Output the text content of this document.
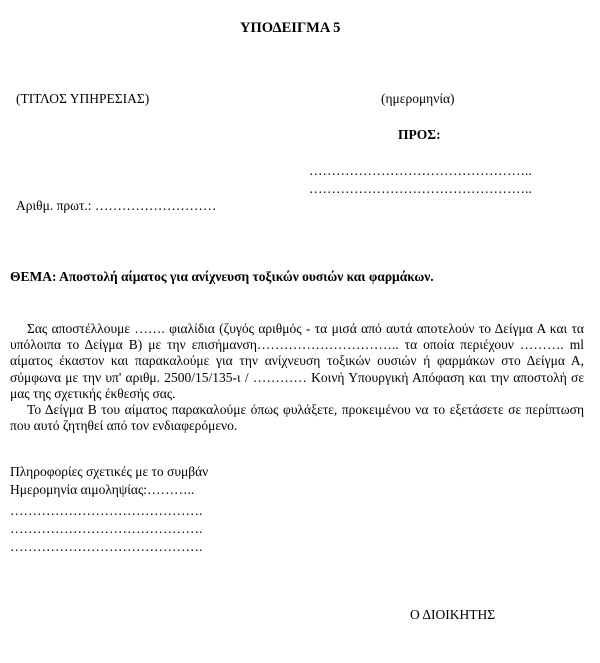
ΥΠΟΔΕΙΓΜΑ 5
(ΤΙΤΛΟΣ ΥΠΗΡΕΣΙΑΣ)	(ημερομηνία)
ΠΡΟΣ:
…………………………………………..
…………………………………………..
Αριθμ. πρωτ.: ………………………
ΘΕΜΑ: Αποστολή αίματος για ανίχνευση τοξικών ουσιών και φαρμάκων.

Σας αποστέλλουμε ……. φιαλίδια (ζυγός αριθμός - τα μισά από αυτά αποτελούν το Δείγμα Α και τα υπόλοιπα το Δείγμα Β) με την επισήμανση………………………….. τα οποία περιέχουν ………. ml αίματος έκαστον και παρακαλούμε για την ανίχνευση τοξικών ουσιών ή φαρμάκων στο Δείγμα Α, σύμφωνα με την υπ' αριθμ. 2500/15/135-ι / ………… Κοινή Υπουργική Απόφαση και την αποστολή σε μας της σχετικής έκθεσής σας.

Το Δείγμα Β του αίματος παρακαλούμε όπως φυλάξετε, προκειμένου να το εξετάσετε σε περίπτωση που αυτό ζητηθεί από τον ενδιαφερόμενο.

Πληροφορίες σχετικές με το συμβάν
Ημερομηνία αιμοληψίας:………..
…………………………………….
…………………………………….
…………………………………….
Ο ΔΙΟΙΚΗΤΗΣ
